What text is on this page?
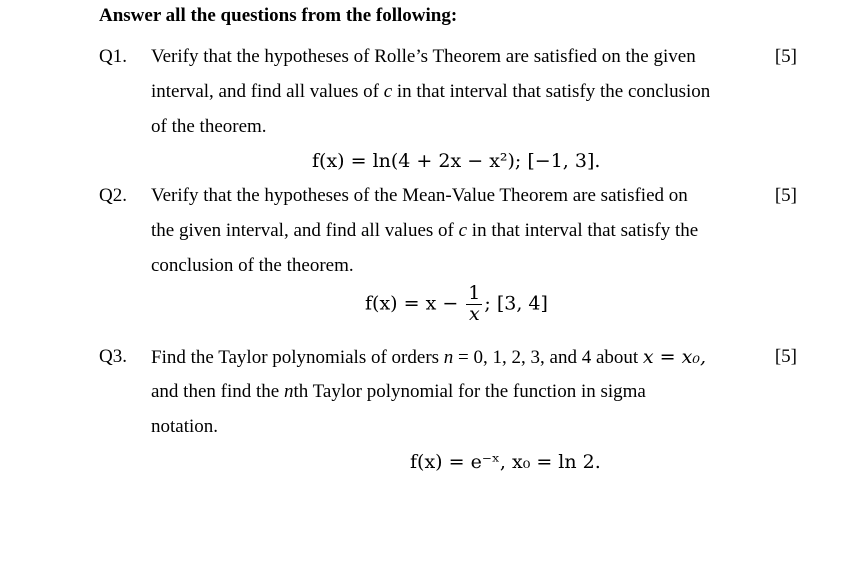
Answer all the questions from the following:
Q1. Verify that the hypotheses of Rolle’s Theorem are satisfied on the given	[5]
interval, and find all values of c in that interval that satisfy the conclusion
of the theorem.
f(x) = ln(4 + 2x − x²); [−1, 3].
Q2. Verify that the hypotheses of the Mean-Value Theorem are satisfied on	[5]
the given interval, and find all values of c in that interval that satisfy the
conclusion of the theorem.
$f(x) = x - \frac{1}{x}$ ; [3, 4]
Q3. Find the Taylor polynomials of orders n = 0, 1, 2, 3, and 4 about x = x₀,	[5]
and then find the nth Taylor polynomial for the function in sigma
notation.
f(x) = e⁻ˣ, x₀ = ln 2.
